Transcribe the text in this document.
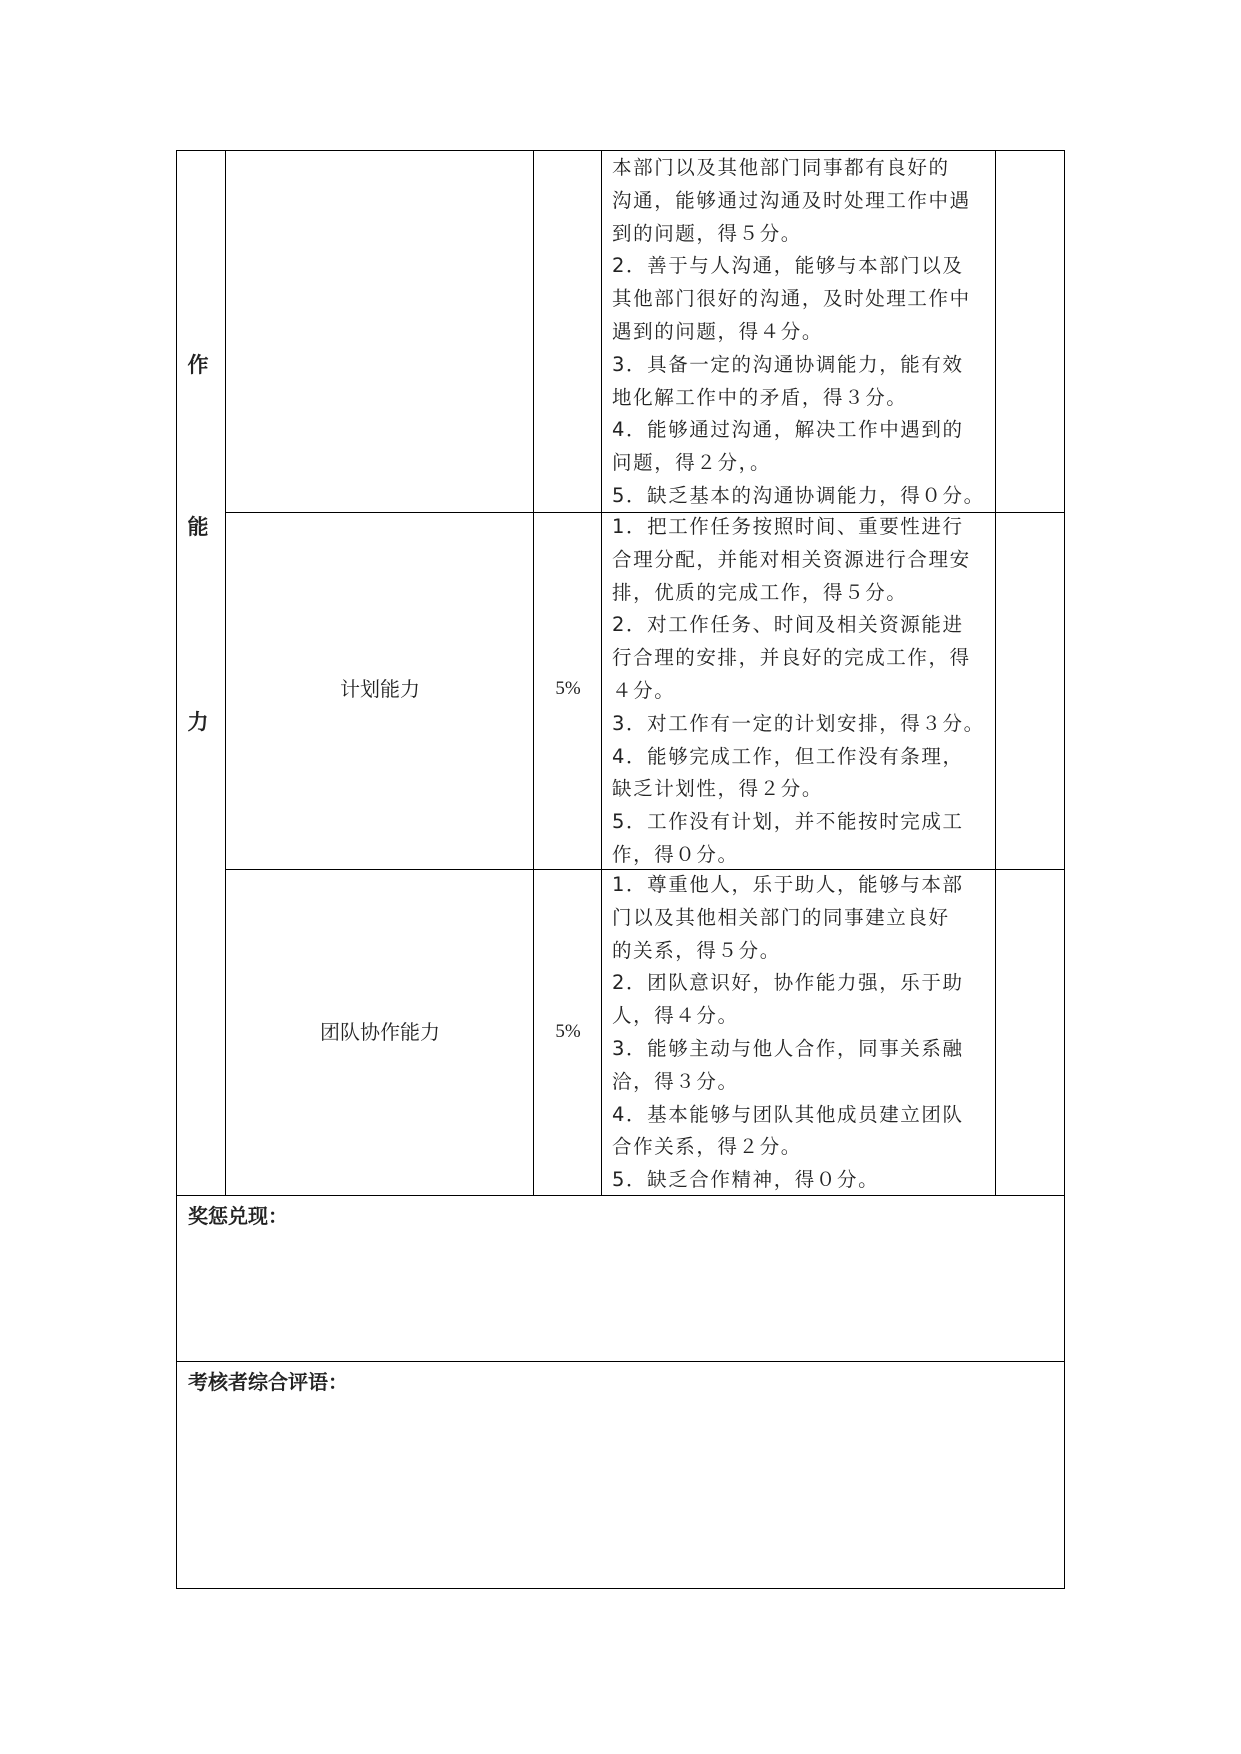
作
能
力
本部门以及其他部门同事都有良好的
沟通，能够通过沟通及时处理工作中遇
到的问题，得５分。
2．善于与人沟通，能够与本部门以及
其他部门很好的沟通，及时处理工作中
遇到的问题，得４分。
3．具备一定的沟通协调能力，能有效
地化解工作中的矛盾，得３分。
4．能够通过沟通，解决工作中遇到的
问题，得２分，。
5．缺乏基本的沟通协调能力，得０分。
计划能力	5%
1．把工作任务按照时间、重要性进行
合理分配，并能对相关资源进行合理安
排，优质的完成工作，得５分。
2．对工作任务、时间及相关资源能进
行合理的安排，并良好的完成工作，得
４分。
3．对工作有一定的计划安排，得３分。
4．能够完成工作，但工作没有条理，
缺乏计划性，得２分。
5．工作没有计划，并不能按时完成工
作，得０分。
团队协作能力	5%
1．尊重他人，乐于助人，能够与本部
门以及其他相关部门的同事建立良好
的关系，得５分。
2．团队意识好，协作能力强，乐于助
人，得４分。
3．能够主动与他人合作，同事关系融
洽，得３分。
4．基本能够与团队其他成员建立团队
合作关系，得２分。
5．缺乏合作精神，得０分。
奖惩兑现：
考核者综合评语：
